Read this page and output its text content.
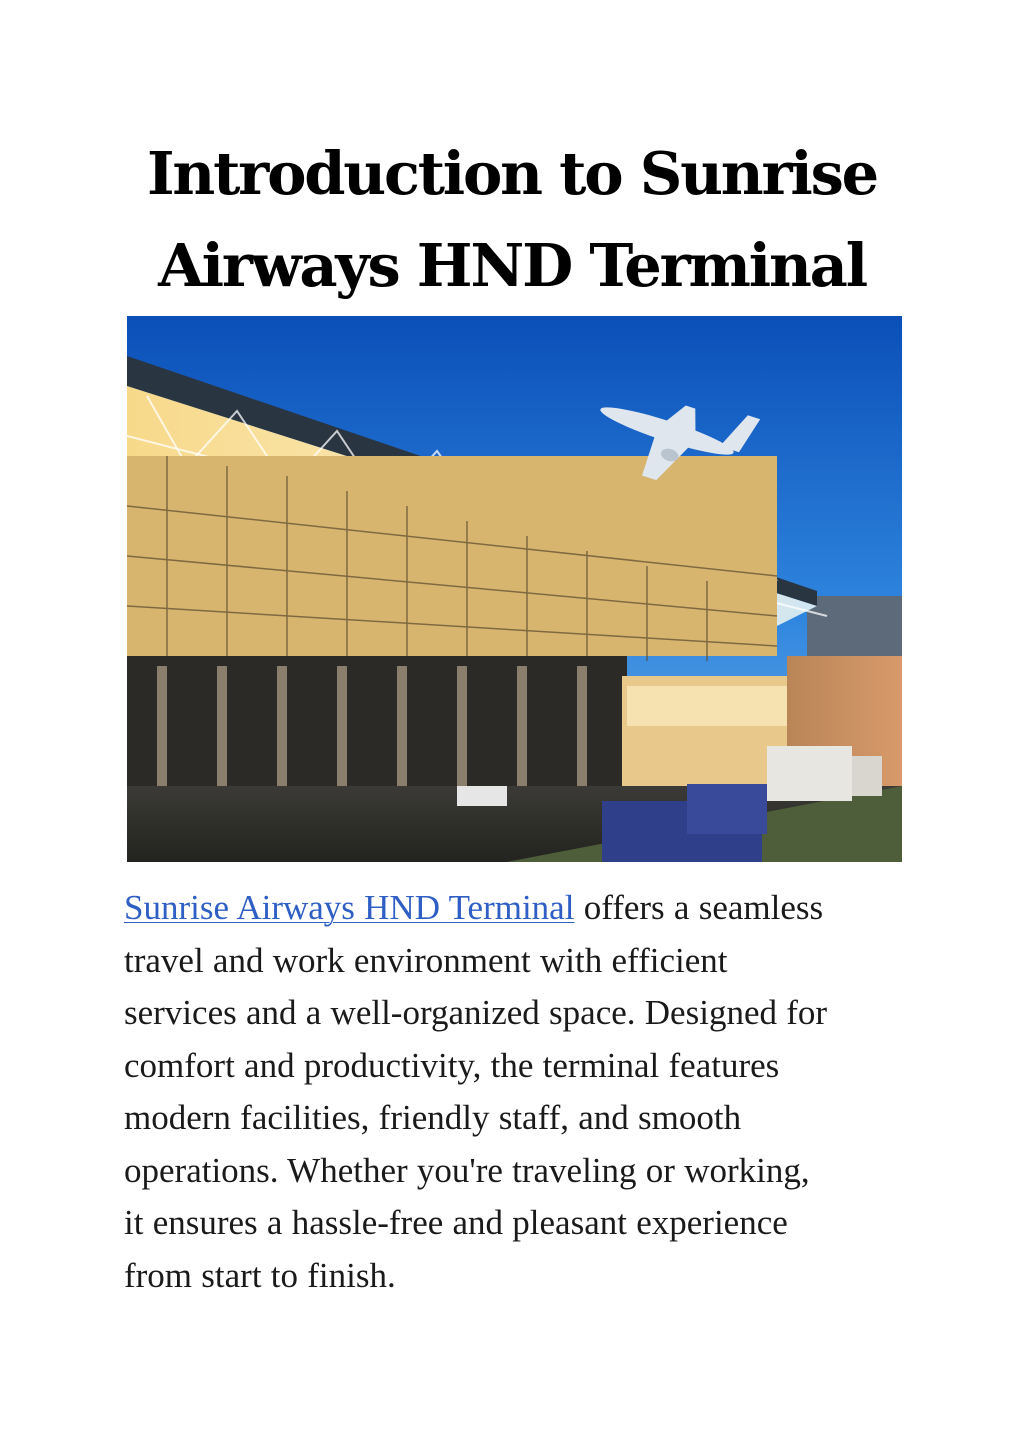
Introduction to Sunrise
Airways HND Terminal

Sunrise Airways HND Terminal offers a seamless
travel and work environment with efficient
services and a well-organized space. Designed for
comfort and productivity, the terminal features
modern facilities, friendly staff, and smooth
operations. Whether you're traveling or working,
it ensures a hassle-free and pleasant experience
from start to finish.
